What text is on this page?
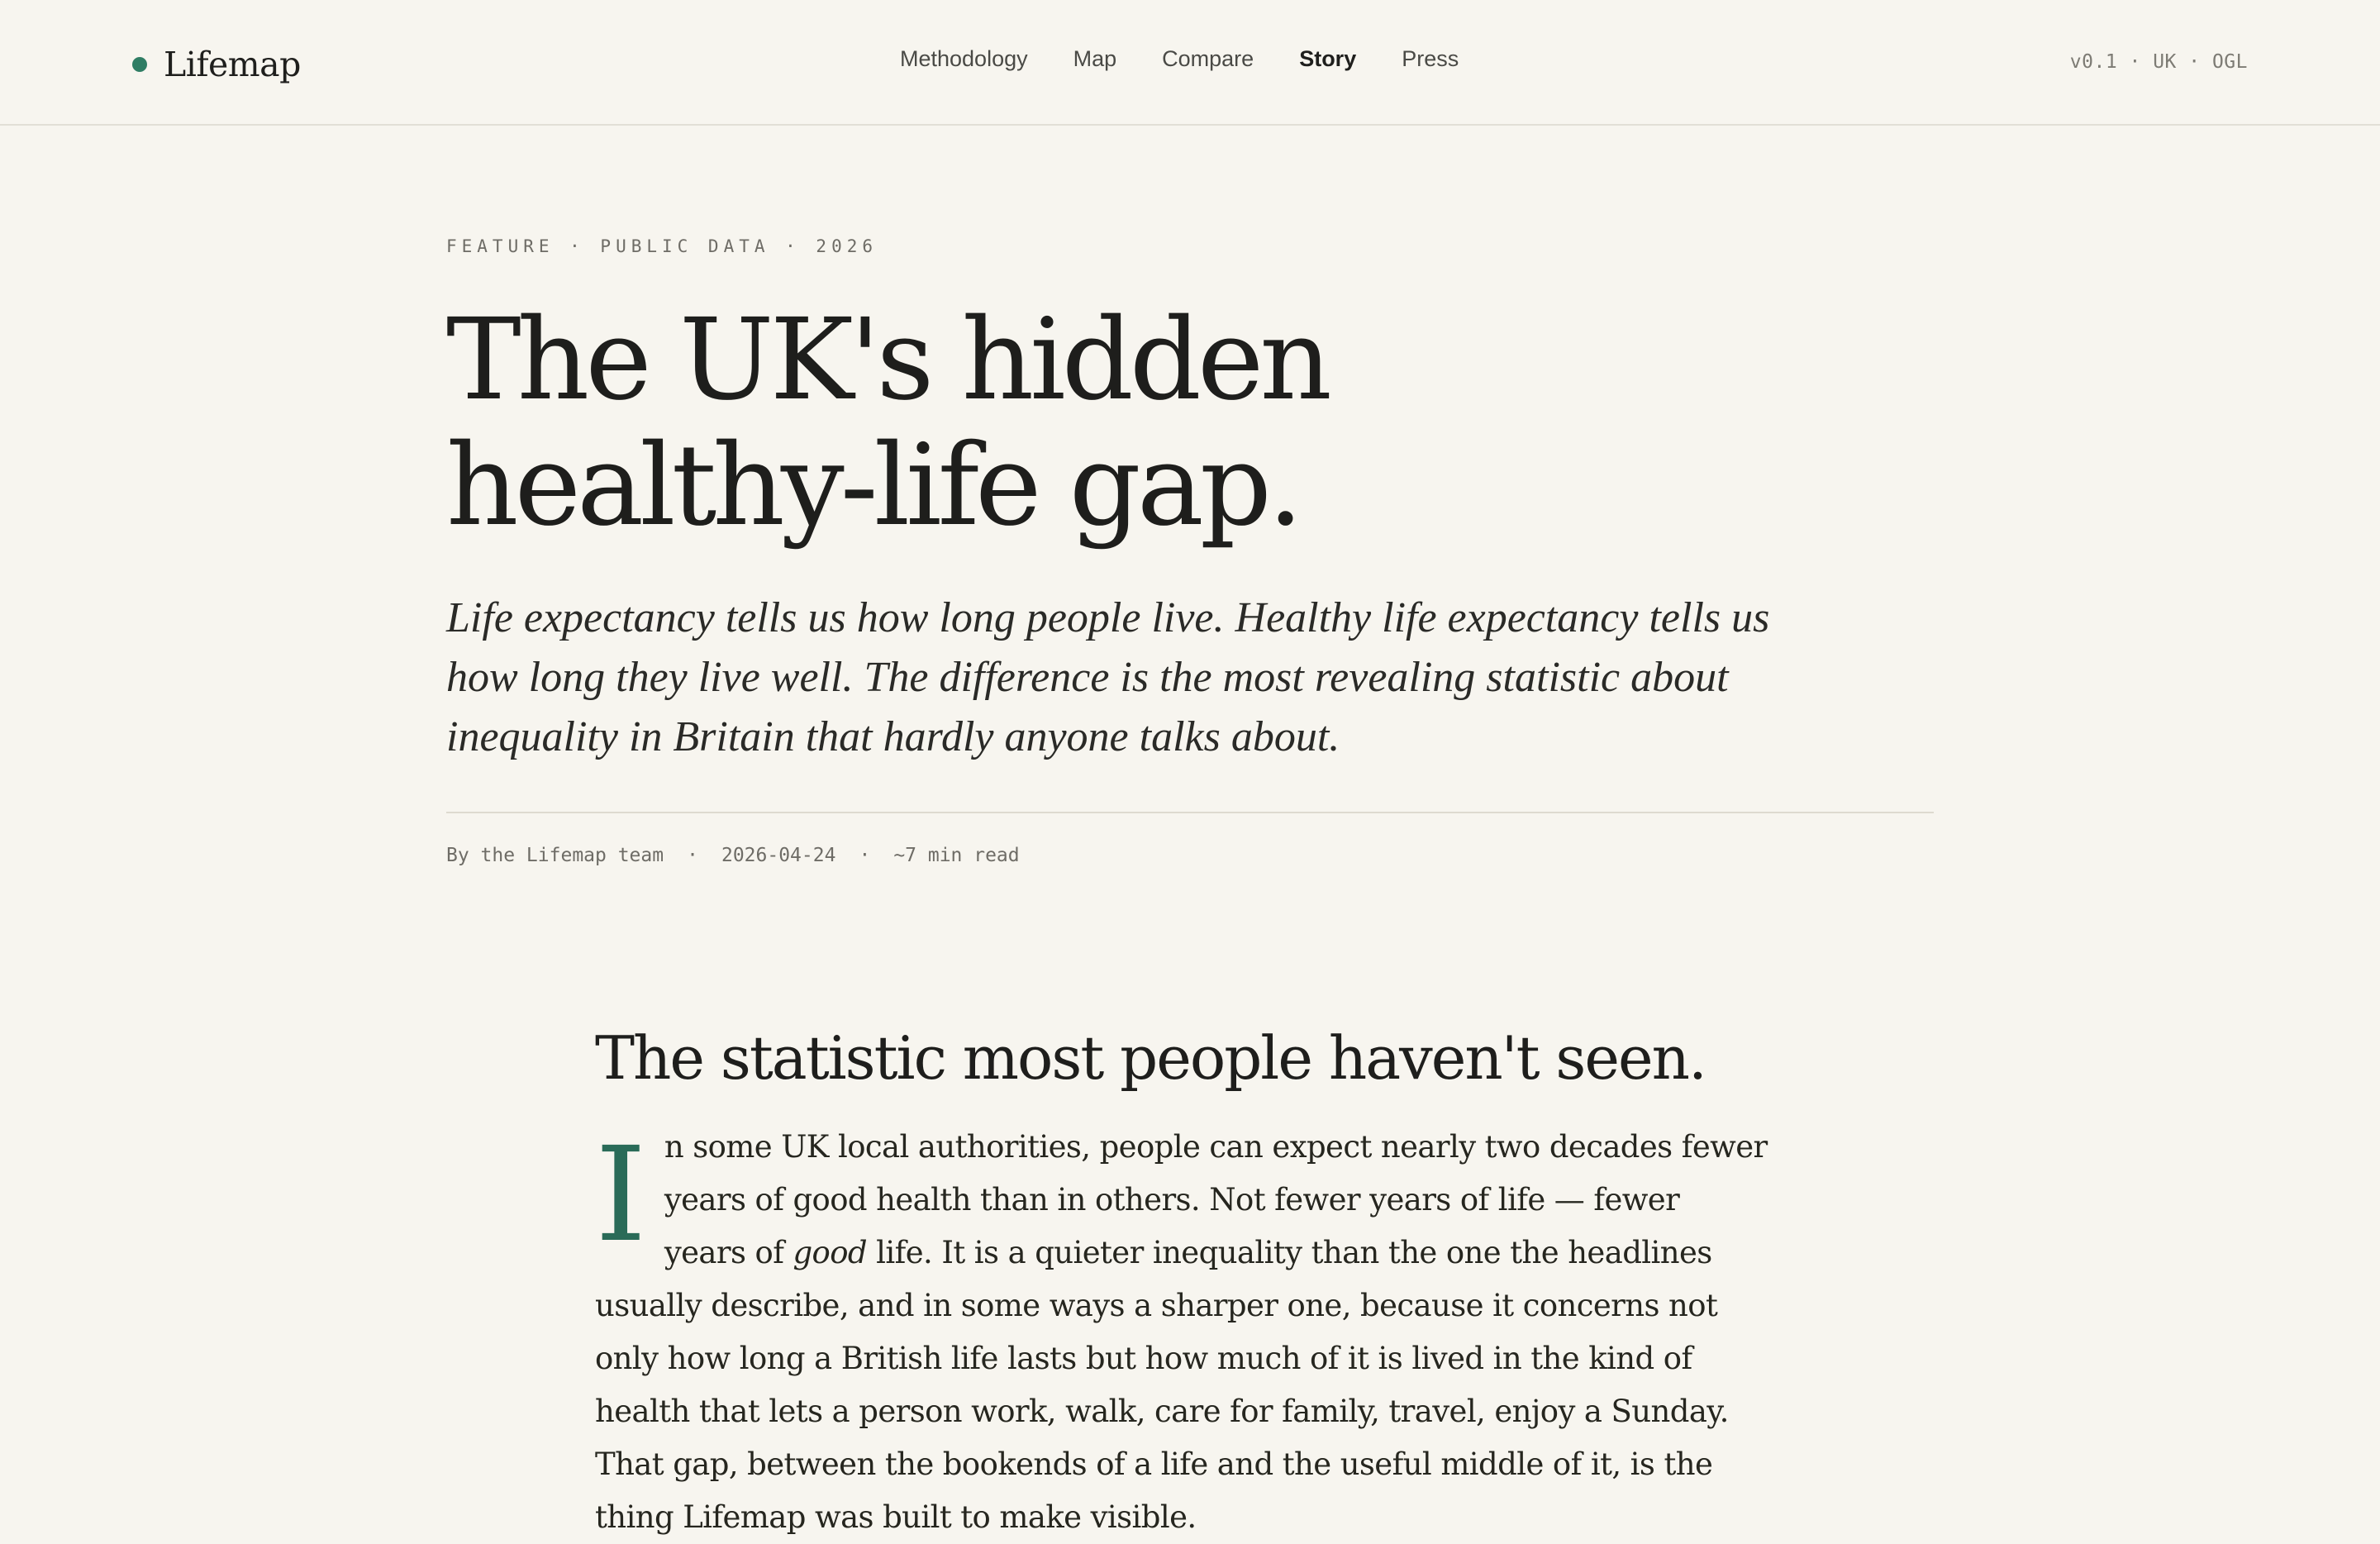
Lifemap	Methodology Map Compare Story Press	v0.1 · UK · OGL
FEATURE · PUBLIC DATA · 2026
The UK's hidden
healthy-life gap.

Life expectancy tells us how long people live. Healthy life expectancy tells us how long they live well. The difference is the most revealing statistic about inequality in Britain that hardly anyone talks about.

By the Lifemap team · 2026-04-24 · ~7 min read
The statistic most people haven't seen.

In some UK local authorities, people can expect nearly two decades fewer years of good health than in others. Not fewer years of life — fewer years of good life. It is a quieter inequality than the one the headlines usually describe, and in some ways a sharper one, because it concerns not only how long a British life lasts but how much of it is lived in the kind of health that lets a person work, walk, care for family, travel, enjoy a Sunday. That gap, between the bookends of a life and the useful middle of it, is the thing Lifemap was built to make visible.
